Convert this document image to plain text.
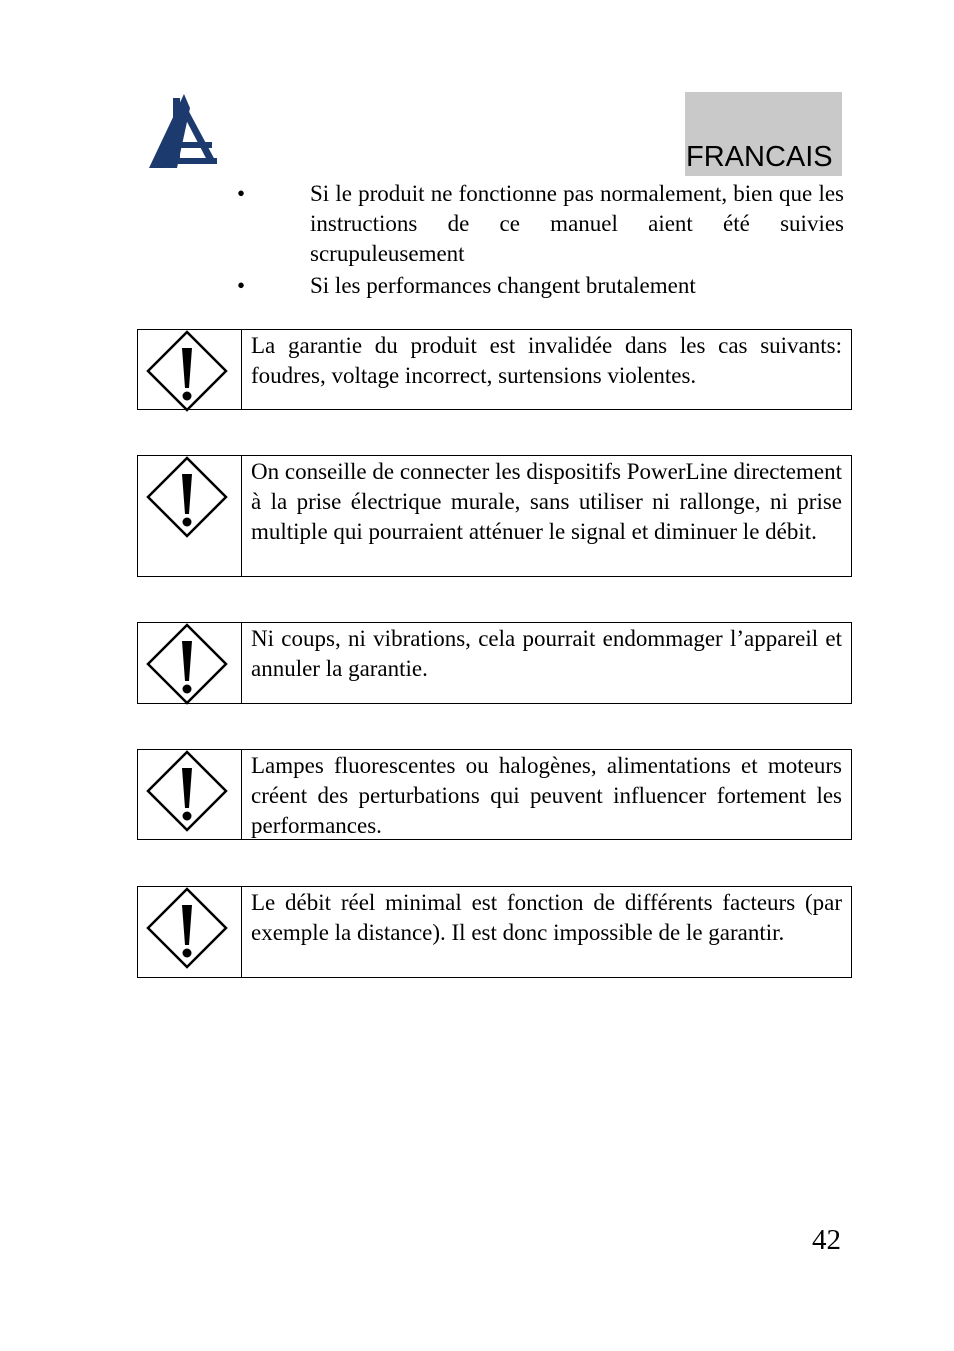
FRANCAIS
•	Si le produit ne fonctionne pas normalement, bien que les instructions de ce manuel aient été suivies scrupuleusement
•	Si les performances changent brutalement
La garantie du produit est invalidée dans les cas suivants: foudres, voltage incorrect, surtensions violentes.
On conseille de connecter les dispositifs PowerLine directement à la prise électrique murale, sans utiliser ni rallonge, ni prise multiple qui pourraient atténuer le signal et diminuer le débit.
Ni coups, ni vibrations, cela pourrait endommager l’appareil et annuler la garantie.
Lampes fluorescentes ou halogènes, alimentations et moteurs créent des perturbations qui peuvent influencer fortement les performances.
Le débit réel minimal est fonction de différents facteurs (par exemple la distance). Il est donc impossible de le garantir.
42
